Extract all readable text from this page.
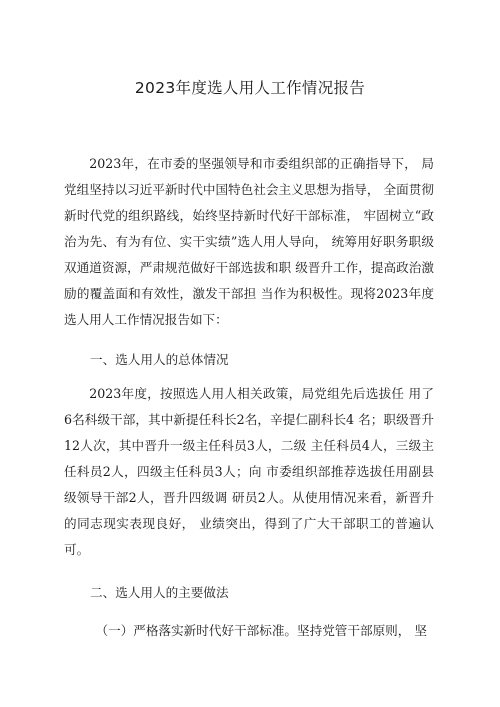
2023年度选人用人工作情况报告

2023年，在市委的坚强领导和市委组织部的正确指导下， 局党组坚持以习近平新时代中国特色社会主义思想为指导， 全面贯彻新时代党的组织路线，始终坚持新时代好干部标准， 牢固树立“政治为先、有为有位、实干实绩”选人用人导向， 统筹用好职务职级双通道资源，严肃规范做好干部选拔和职 级晋升工作，提高政治激励的覆盖面和有效性，激发干部担 当作为积极性。现将2023年度选人用人工作情况报告如下：

一、选人用人的总体情况

2023年度，按照选人用人相关政策，局党组先后选拔任 用了 6名科级干部，其中新提任科长2名，辛提仁副科长4 名；职级晋升12人次，其中晋升一级主任科员3人，二级 主任科员4人，三级主任科员2人，四级主任科员3人；向 市委组织部推荐选拔任用副县级领导干部2人，晋升四级调 研员2人。从使用情况来看，新晋升的同志现实表现良好， 业绩突出，得到了广大干部职工的普遍认可。

二、选人用人的主要做法

（一）严格落实新时代好干部标准。坚持党管干部原则， 坚
